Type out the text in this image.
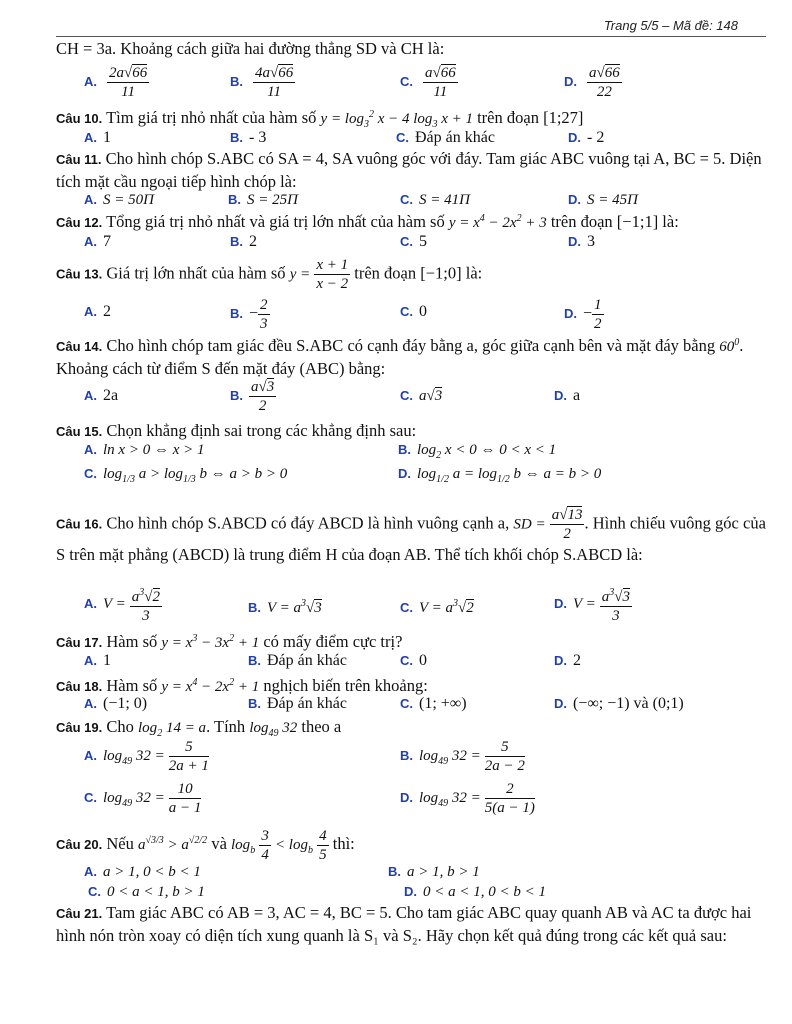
Trang 5/5 – Mã đề: 148
CH = 3a. Khoảng cách giữa hai đường thẳng SD và CH là:
A. $\frac{2a√66}{11}$	B. $\frac{4a√66}{11}$	C. $\frac{a√66}{11}$	D. $\frac{a√66}{22}$
Câu 10. Tìm giá trị nhỏ nhất của hàm số $y = \log_3^2 x - 4$ $\log_3 x + 1$ trên đoạn [1;27]
A. 1	B. - 3	C. Đáp án khác	D. - 2
Câu 11. Cho hình chóp S.ABC có SA = 4, SA vuông góc với đáy. Tam giác ABC vuông tại A, BC = 5. Diện tích mặt cầu ngoại tiếp hình chóp là:
A. S = 50Π	B. S = 25Π	C. S = 41Π	D. S = 45Π
Câu 12. Tổng giá trị nhỏ nhất và giá trị lớn nhất của hàm số $y = x^4 - 2x^2 + 3$ trên đoạn [−1;1] là:
A. 7	B. 2	C. 5	D. 3
Câu 13. Giá trị lớn nhất của hàm số $y = \frac{x + 1}{x - 2}$ trên đoạn [−1;0] là:
A. 2	B. − $\frac{2}{3}$	C. 0	D. − $\frac{1}{2}$
Câu 14. Cho hình chóp tam giác đều S.ABC có cạnh đáy bằng a, góc giữa cạnh bên và mặt đáy bằng $60^0$. Khoảng cách từ điểm S đến mặt đáy (ABC) bằng:
A. 2a	B. $\frac{a√3}{2}$	C. a√3	D. a
Câu 15. Chọn khẳng định sai trong các khẳng định sau:
A. ln x > 0 ⇔ x > 1	B. $\log_2 x < 0$ ⇔ 0 < x < 1
C. $\log_{1/3} a > \log_{1/3} b$ ⇔ a > b > 0	D. $\log_{1/2} a = \log_{1/2} b$ ⇔ a = b > 0
Câu 16. Cho hình chóp S.ABCD có đáy ABCD là hình vuông cạnh a, SD = $\frac{a√13}{2}$ . Hình chiếu vuông góc của S trên mặt phẳng (ABCD) là trung điểm H của đoạn AB. Thể tích khối chóp S.ABCD là:
A. $V = \frac{a^3√2}{3}$	B. $V = a^3√3$	C. $V = a^3√2$	D. $V = \frac{a^3√3}{3}$
Câu 17. Hàm số $y = x^3 - 3x^2 + 1$ có mấy điểm cực trị?
A. 1	B. Đáp án khác	C. 0	D. 2
Câu 18. Hàm số $y = x^4 - 2x^2 + 1$ nghịch biến trên khoảng:
A. (−1; 0)	B. Đáp án khác	C. (1; +∞)	D. (−∞; −1) và (0;1)
Câu 19. Cho $\log_2 14 = a$. Tính $\log_{49} 32$ theo a
A. $\log_{49} 32 = \frac{5}{2a + 1}$	B. $\log_{49} 32 = \frac{5}{2a - 2}$
C. $\log_{49} 32 = \frac{10}{a - 1}$	D. $\log_{49} 32 = \frac{2}{5(a - 1)}$
Câu 20. Nếu $a^{√3/3} > a^{√2/2}$ và $\log_b \frac{3}{4} < \log_b \frac{4}{5}$ thì:
A. a > 1, 0 < b < 1	B. a > 1, b > 1
C. 0 < a < 1, b > 1	D. 0 < a < 1, 0 < b < 1
Câu 21. Tam giác ABC có AB = 3, AC = 4, BC = 5. Cho tam giác ABC quay quanh AB và AC ta được hai hình nón tròn xoay có diện tích xung quanh là S₁ và S₂. Hãy chọn kết quả đúng trong các kết quả sau:
